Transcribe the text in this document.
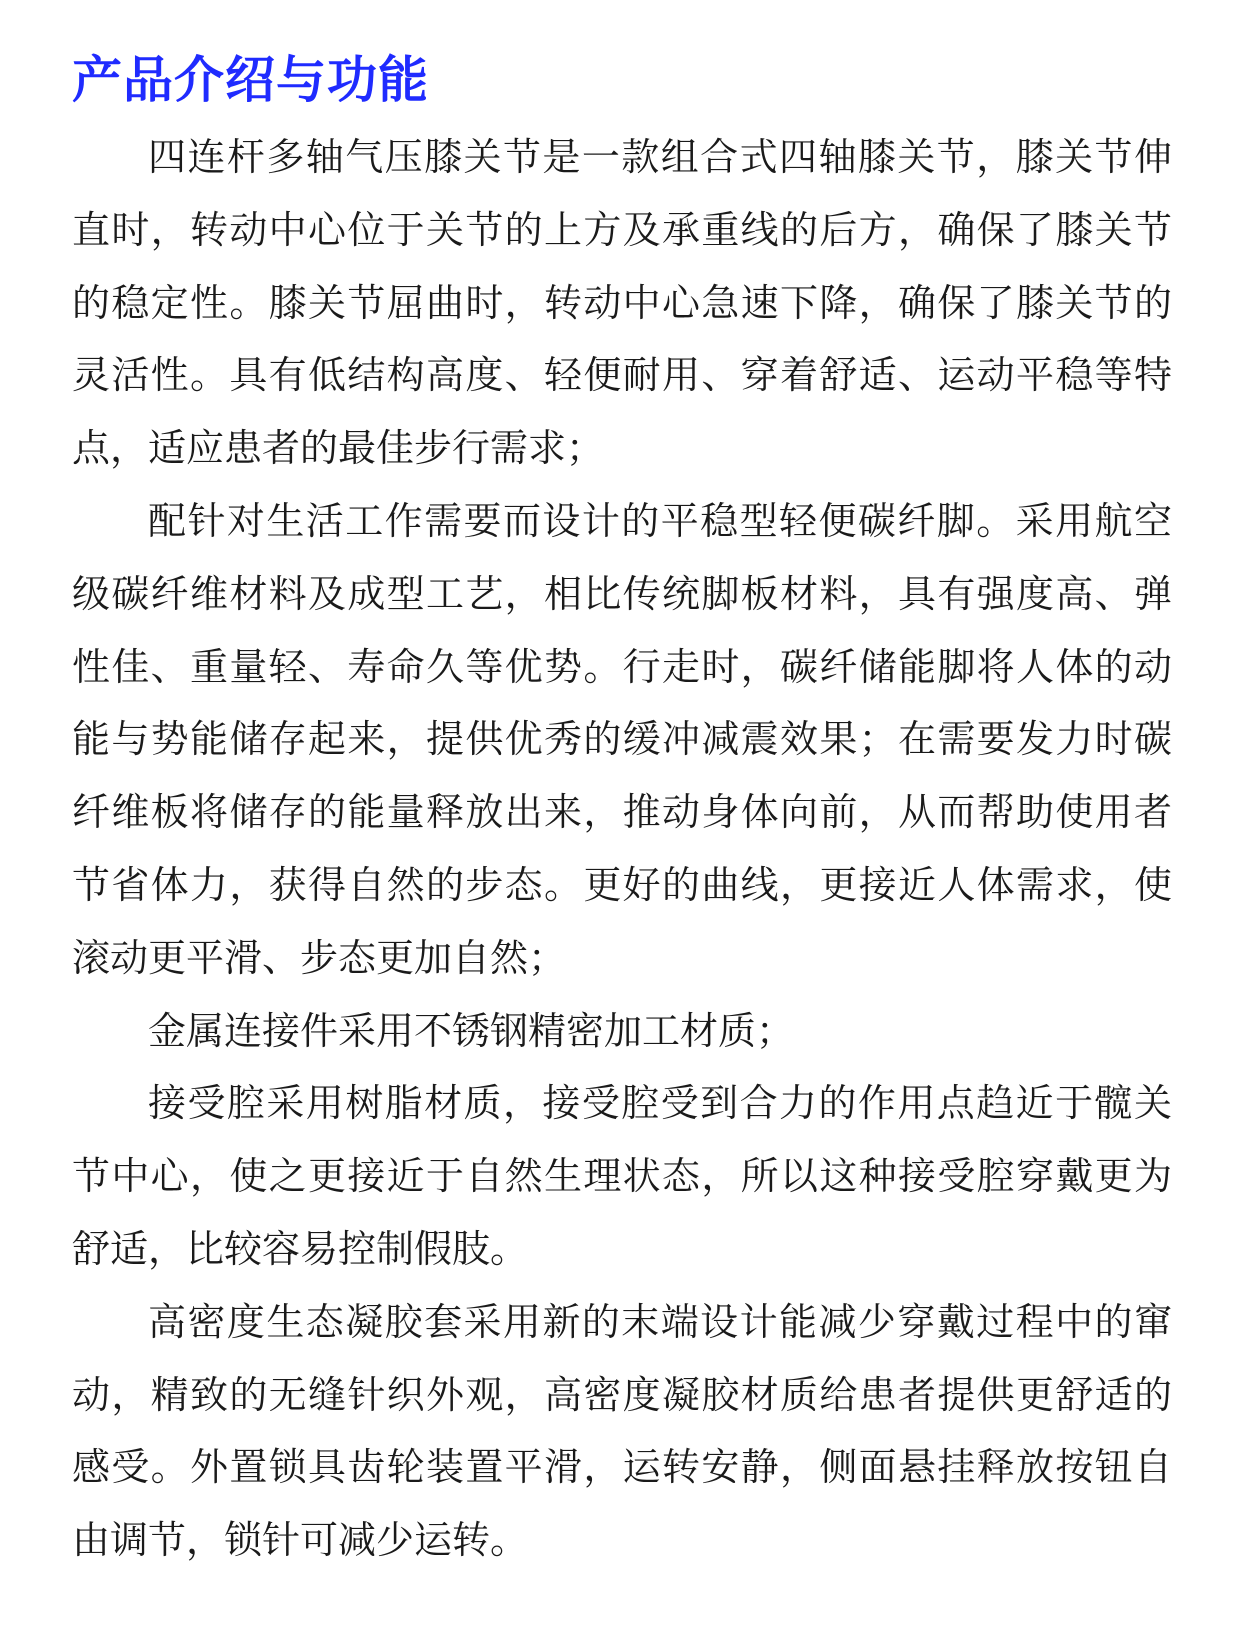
产品介绍与功能

四连杆多轴气压膝关节是一款组合式四轴膝关节，膝关节伸直时，转动中心位于关节的上方及承重线的后方，确保了膝关节的稳定性。膝关节屈曲时，转动中心急速下降，确保了膝关节的灵活性。具有低结构高度、轻便耐用、穿着舒适、运动平稳等特点，适应患者的最佳步行需求；

配针对生活工作需要而设计的平稳型轻便碳纤脚。采用航空级碳纤维材料及成型工艺，相比传统脚板材料，具有强度高、弹性佳、重量轻、寿命久等优势。行走时，碳纤储能脚将人体的动能与势能储存起来，提供优秀的缓冲减震效果；在需要发力时碳纤维板将储存的能量释放出来，推动身体向前，从而帮助使用者节省体力，获得自然的步态。更好的曲线，更接近人体需求，使滚动更平滑、步态更加自然；

金属连接件采用不锈钢精密加工材质；

接受腔采用树脂材质，接受腔受到合力的作用点趋近于髋关节中心，使之更接近于自然生理状态，所以这种接受腔穿戴更为舒适，比较容易控制假肢。

高密度生态凝胶套采用新的末端设计能减少穿戴过程中的窜动，精致的无缝针织外观，高密度凝胶材质给患者提供更舒适的感受。外置锁具齿轮装置平滑，运转安静，侧面悬挂释放按钮自由调节，锁针可减少运转。
